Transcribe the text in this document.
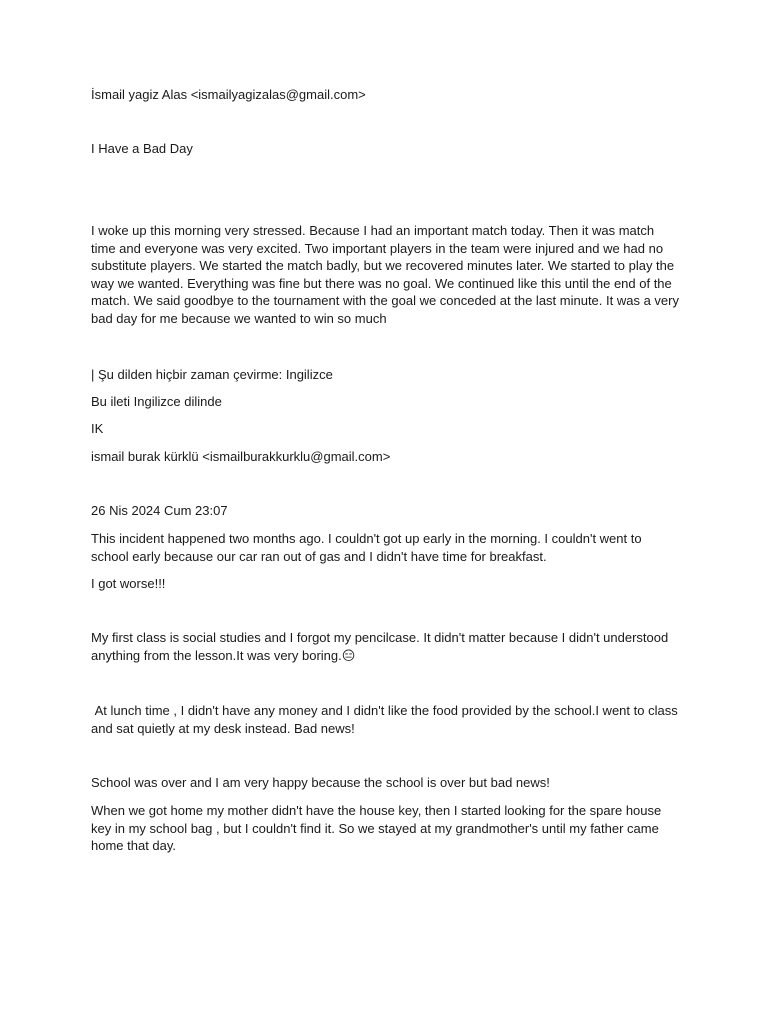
İsmail yagiz Alas <ismailyagizalas@gmail.com>
I Have a Bad Day

I woke up this morning very stressed. Because I had an important match today. Then it was match time and everyone was very excited. Two important players in the team were injured and we had no substitute players. We started the match badly, but we recovered minutes later. We started to play the way we wanted. Everything was fine but there was no goal. We continued like this until the end of the match. We said goodbye to the tournament with the goal we conceded at the last minute. It was a very bad day for me because we wanted to win so much

| Şu dilden hiçbir zaman çevirme: Ingilizce
Bu ileti Ingilizce dilinde
IK
ismail burak kürklü <ismailburakkurklu@gmail.com>
26 Nis 2024 Cum 23:07

This incident happened two months ago. I couldn't got up early in the morning. I couldn't went to school early because our car ran out of gas and I didn't have time for breakfast.

I got worse!!!

My first class is social studies and I forgot my pencilcase. It didn't matter because I didn't understood anything from the lesson.It was very boring.😑

At lunch time , I didn't have any money and I didn't like the food provided by the school.I went to class and sat quietly at my desk instead. Bad news!

School was over and I am very happy because the school is over but bad news!

When we got home my mother didn't have the house key, then I started looking for the spare house key in my school bag , but I couldn't find it. So we stayed at my grandmother's until my father came home that day.
